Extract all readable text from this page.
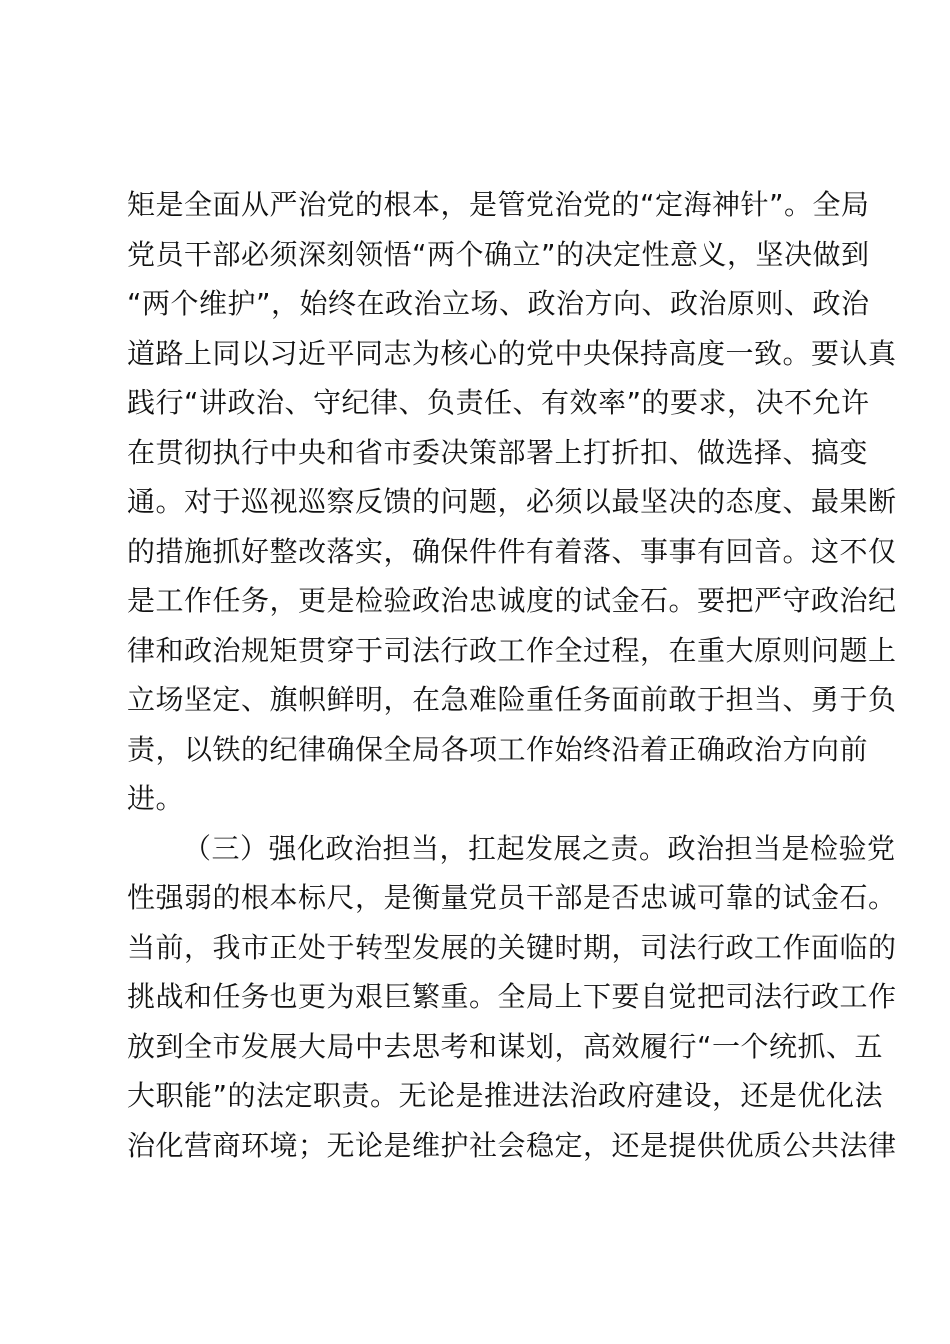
矩是全面从严治党的根本，是管党治党的“定海神针”。全局
党员干部必须深刻领悟“两个确立”的决定性意义，坚决做到
“两个维护”，始终在政治立场、政治方向、政治原则、政治
道路上同以习近平同志为核心的党中央保持高度一致。要认真
践行“讲政治、守纪律、负责任、有效率”的要求，决不允许
在贯彻执行中央和省市委决策部署上打折扣、做选择、搞变
通。对于巡视巡察反馈的问题，必须以最坚决的态度、最果断
的措施抓好整改落实，确保件件有着落、事事有回音。这不仅
是工作任务，更是检验政治忠诚度的试金石。要把严守政治纪
律和政治规矩贯穿于司法行政工作全过程，在重大原则问题上
立场坚定、旗帜鲜明，在急难险重任务面前敢于担当、勇于负
责，以铁的纪律确保全局各项工作始终沿着正确政治方向前
进。
（三）强化政治担当，扛起发展之责。政治担当是检验党
性强弱的根本标尺，是衡量党员干部是否忠诚可靠的试金石。
当前，我市正处于转型发展的关键时期，司法行政工作面临的
挑战和任务也更为艰巨繁重。全局上下要自觉把司法行政工作
放到全市发展大局中去思考和谋划，高效履行“一个统抓、五
大职能”的法定职责。无论是推进法治政府建设，还是优化法
治化营商环境；无论是维护社会稳定，还是提供优质公共法律
